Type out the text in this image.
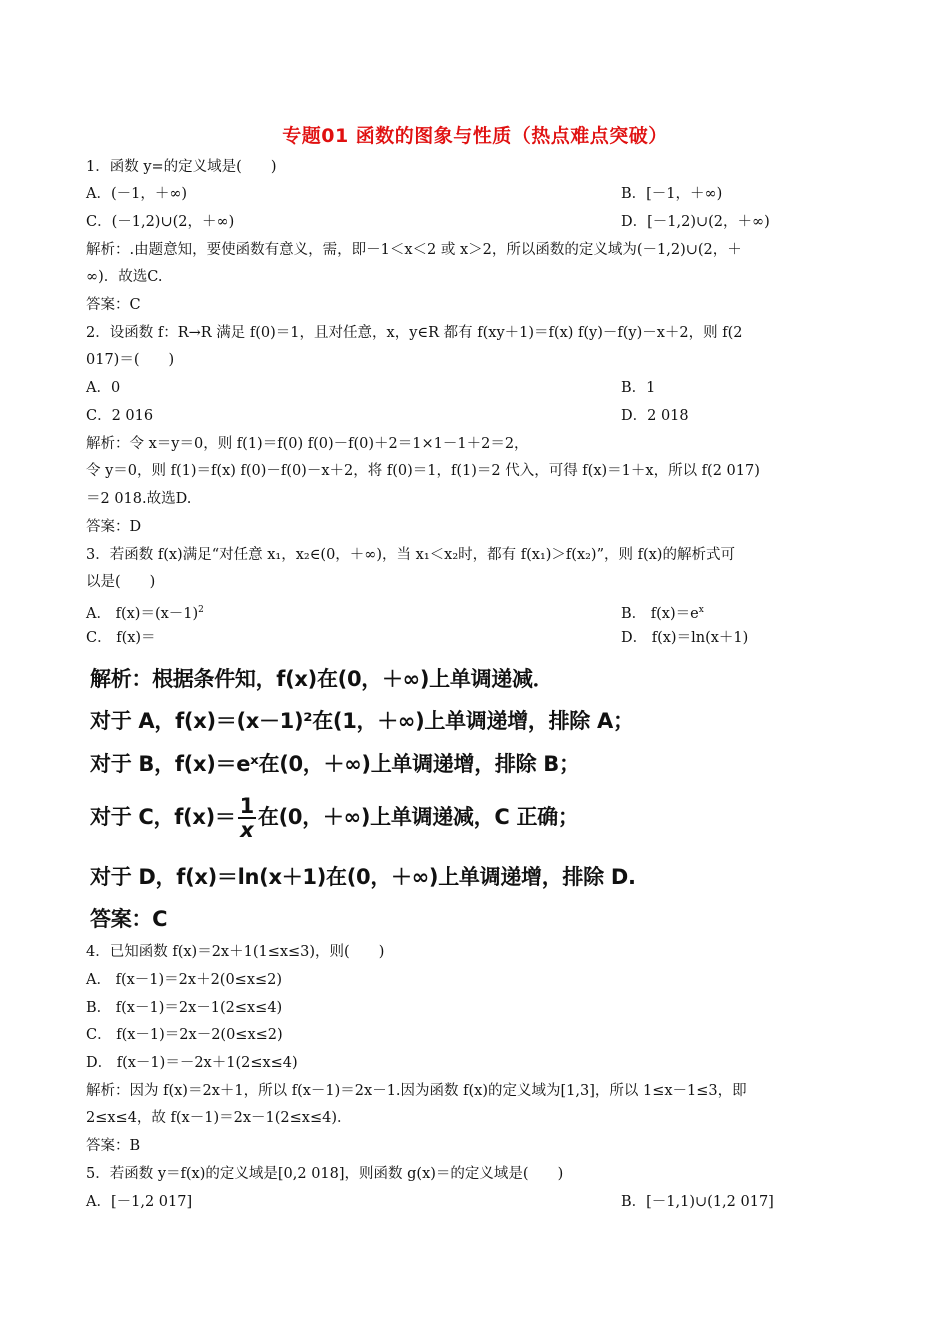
专题01 函数的图象与性质（热点难点突破）
1．函数 y=的定义域是(　　)
A．(－1，＋∞)	B．[－1，＋∞)
C．(－1,2)∪(2，＋∞)	D．[－1,2)∪(2，＋∞)
解析：.由题意知，要使函数有意义，需，即－1＜x＜2 或 x＞2，所以函数的定义域为(－1,2)∪(2，＋
∞)．故选C.
答案：C
2．设函数 f：R→R 满足 f(0)＝1，且对任意，x，y∈R 都有 f(xy＋1)＝f(x) f(y)－f(y)－x＋2，则 f(2
017)＝(　　)
A．0	B．1
C．2 016	D．2 018
解析：令 x＝y＝0，则 f(1)＝f(0) f(0)－f(0)＋2＝1×1－1＋2＝2，
令 y＝0，则 f(1)＝f(x) f(0)－f(0)－x＋2，将 f(0)＝1，f(1)＝2 代入，可得 f(x)＝1＋x，所以 f(2 017)
＝2 018.故选D.
答案：D
3．若函数 f(x)满足“对任意 x₁，x₂∈(0，＋∞)，当 x₁＜x₂时，都有 f(x₁)＞f(x₂)”，则 f(x)的解析式可
以是(　　)
A． $f(x)=(x-1)^2$	B． $f(x)=e^x$
C． f(x)＝	D． f(x)＝ln(x＋1)
解析：根据条件知，f(x)在(0，＋∞)上单调递减．
对于 A，f(x)＝(x－1)²在(1，＋∞)上单调递增，排除 A；
对于 B，f(x)＝eˣ在(0，＋∞)上单调递增，排除 B；
对于 C，$f(x)= \frac{1}{x}$ 在(0，＋∞)上单调递减，C 正确；
对于 D，f(x)＝ln(x＋1)在(0，＋∞)上单调递增，排除 D.
答案：C
4．已知函数 f(x)＝2x＋1(1≤x≤3)，则(　　)
A． f(x－1)＝2x＋2(0≤x≤2)
B． f(x－1)＝2x－1(2≤x≤4)
C． f(x－1)＝2x－2(0≤x≤2)
D． f(x－1)＝－2x＋1(2≤x≤4)
解析：因为 f(x)＝2x＋1，所以 f(x－1)＝2x－1.因为函数 f(x)的定义域为[1,3]，所以 1≤x－1≤3，即
2≤x≤4，故 f(x－1)＝2x－1(2≤x≤4)．
答案：B
5．若函数 y＝f(x)的定义域是[0,2 018]，则函数 g(x)＝的定义域是(　　)
A．[－1,2 017]	B．[－1,1)∪(1,2 017]
